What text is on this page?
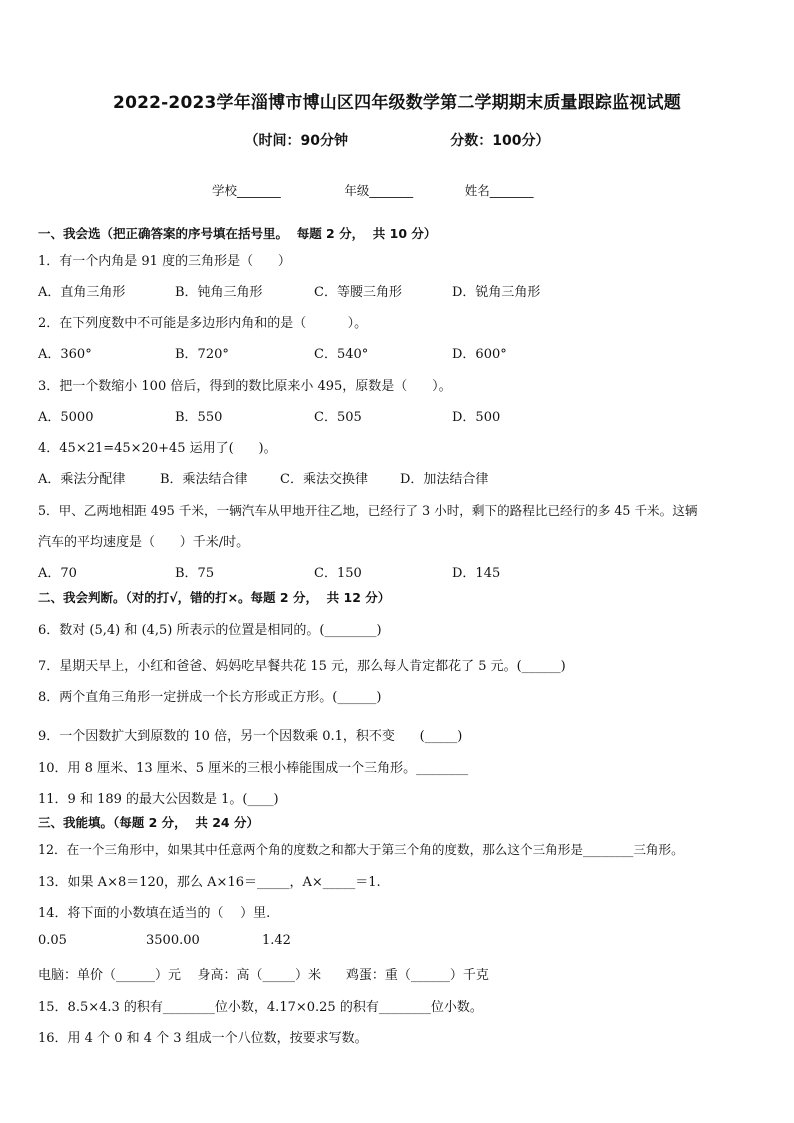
2022-2023学年淄博市博山区四年级数学第二学期期末质量跟踪监视试题
（时间：90分钟                     分数：100分）
学校_______                年级_______             姓名_______
一、我会选（把正确答案的序号填在括号里。  每题 2 分，  共 10 分）
1．有一个内角是 91 度的三角形是（      ）
A．直角三角形	B．钝角三角形	C．等腰三角形	D．锐角三角形
2．在下列度数中不可能是多边形内角和的是（          ）。
A．360°	B．720°	C．540°	D．600°
3．把一个数缩小 100 倍后，得到的数比原来小 495，原数是（      ）。
A．5000	B．550	C．505	D．500
4．45×21=45×20+45 运用了(      )。
A．乘法分配律	B．乘法结合律 C．乘法交换律 D．加法结合律
5．甲、乙两地相距 495 千米，一辆汽车从甲地开往乙地，已经行了 3 小时，剩下的路程比已经行的多 45 千米。这辆
汽车的平均速度是（      ）千米/时。
A．70	B．75	C．150	D．145
二、我会判断。（对的打√，错的打×。每题 2 分，  共 12 分）
6．数对 (5,4) 和 (4,5) 所表示的位置是相同的。(________)
7．星期天早上，小红和爸爸、妈妈吃早餐共花 15 元，那么每人肯定都花了 5 元。(______)
8．两个直角三角形一定拼成一个长方形或正方形。(______)
9．一个因数扩大到原数的 10 倍，另一个因数乘 0.1，积不变      (_____)
10．用 8 厘米、13 厘米、5 厘米的三根小棒能围成一个三角形。________
11．9 和 189 的最大公因数是 1。(____)
三、我能填。（每题 2 分，  共 24 分）
12．在一个三角形中，如果其中任意两个角的度数之和都大于第三个角的度数，那么这个三角形是________三角形。
13．如果 A×8＝120，那么 A×16＝_____，A×_____＝1.
14．将下面的小数填在适当的（    ）里.
0.05	3500.00	1.42
电脑：单价（______）元    身高：高（_____）米      鸡蛋：重（______）千克
15．8.5×4.3 的积有________位小数，4.17×0.25 的积有________位小数。
16．用 4 个 0 和 4 个 3 组成一个八位数，按要求写数。
